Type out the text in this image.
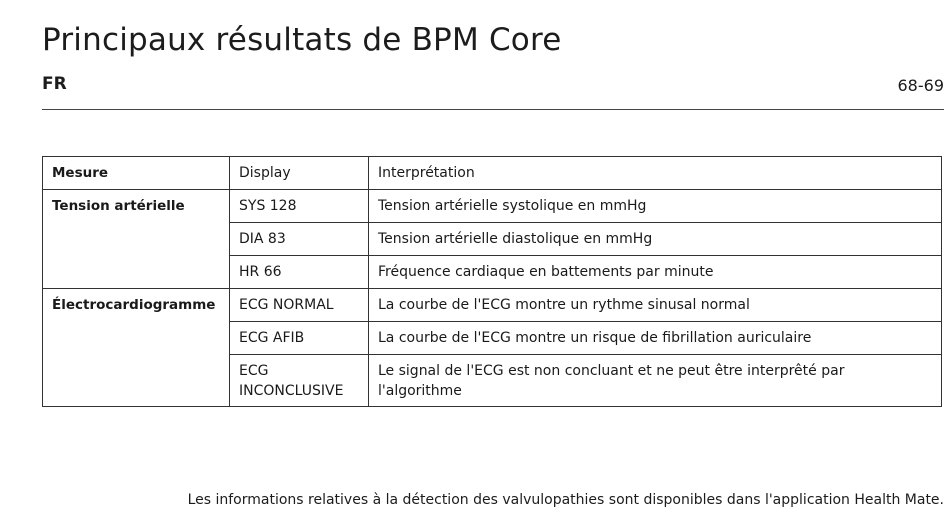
Principaux résultats de BPM Core
FR	68-69
Mesure	Display	Interprétation
Tension artérielle	SYS 128	Tension artérielle systolique en mmHg
	DIA 83	Tension artérielle diastolique en mmHg
	HR 66	Fréquence cardiaque en battements par minute
Électrocardiogramme	ECG NORMAL	La courbe de l'ECG montre un rythme sinusal normal
	ECG AFIB	La courbe de l'ECG montre un risque de fibrillation auriculaire
	ECG INCONCLUSIVE	Le signal de l'ECG est non concluant et ne peut être interprêté par l'algorithme
Les informations relatives à la détection des valvulopathies sont disponibles dans l'application Health Mate.
